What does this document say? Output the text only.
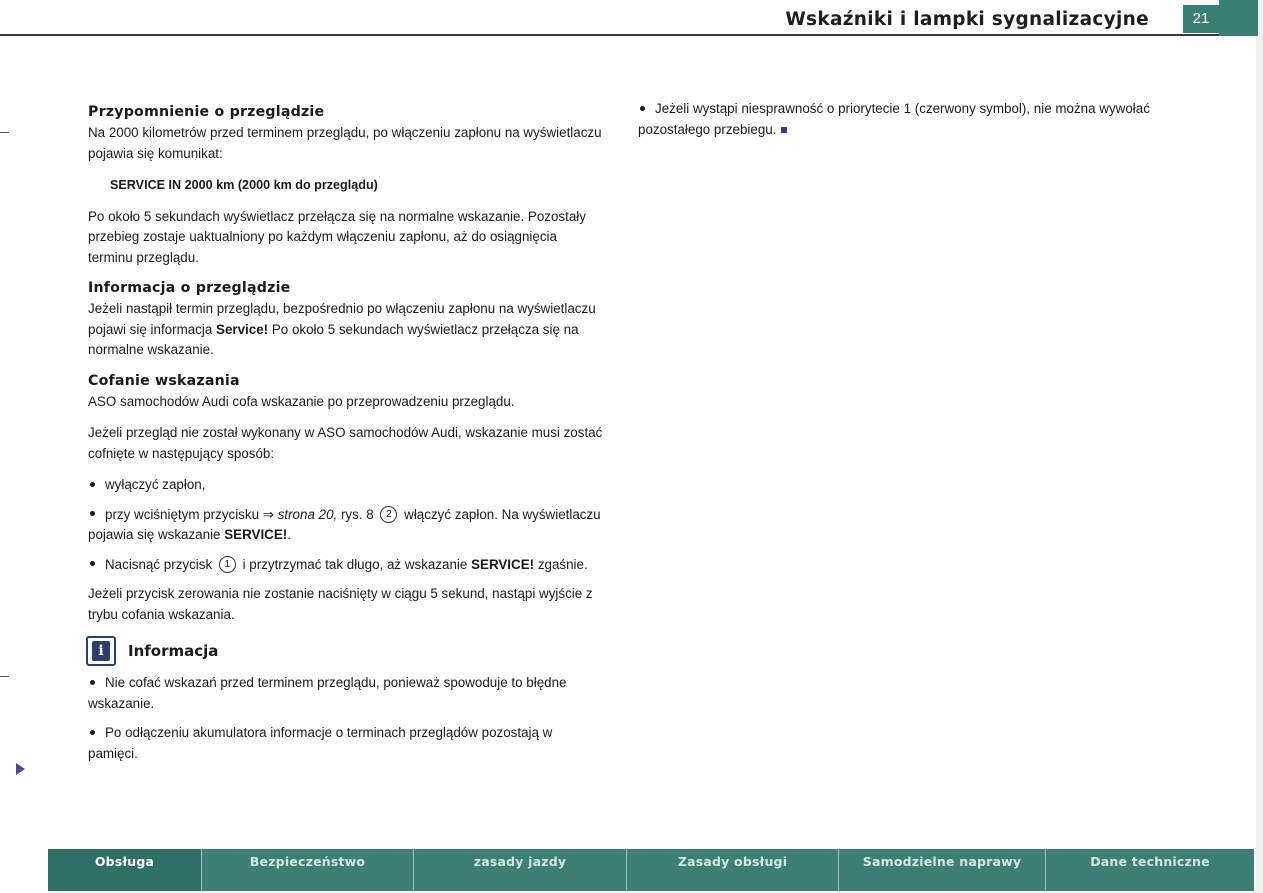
Wskaźniki i lampki sygnalizacyjne	21
Przypomnienie o przeglądzie

Na 2000 kilometrów przed terminem przeglądu, po włączeniu zapłonu na wyświetlaczu pojawia się komunikat:

SERVICE IN 2000 km (2000 km do przeglądu)

Po około 5 sekundach wyświetlacz przełącza się na normalne wskazanie. Pozostały przebieg zostaje uaktualniony po każdym włączeniu zapłonu, aż do osiągnięcia terminu przeglądu.

Informacja o przeglądzie

Jeżeli nastąpił termin przeglądu, bezpośrednio po włączeniu zapłonu na wyświetlaczu pojawi się informacja Service! Po około 5 sekundach wyświetlacz przełącza się na normalne wskazanie.

Cofanie wskazania

ASO samochodów Audi cofa wskazanie po przeprowadzeniu przeglądu.

Jeżeli przegląd nie został wykonany w ASO samochodów Audi, wskazanie musi zostać cofnięte w następujący sposób:

wyłączyć zapłon,
przy wciśniętym przycisku ⇒ strona 20, rys. 8 2 włączyć zapłon. Na wyświetlaczu pojawia się wskazanie SERVICE!.
Nacisnąć przycisk 1 i przytrzymać tak długo, aż wskazanie SERVICE! zgaśnie.

Jeżeli przycisk zerowania nie zostanie naciśnięty w ciągu 5 sekund, nastąpi wyjście z trybu cofania wskazania.

i	Informacja
Nie cofać wskazań przed terminem przeglądu, ponieważ spowoduje to błędne wskazanie.
Po odłączeniu akumulatora informacje o terminach przeglądów pozostają w pamięci.
Jeżeli wystąpi niesprawność o priorytecie 1 (czerwony symbol), nie można wywołać pozostałego przebiegu.
Obsługa	Bezpieczeństwo	zasady jazdy	Zasady obsługi	Samodzielne naprawy	Dane techniczne
